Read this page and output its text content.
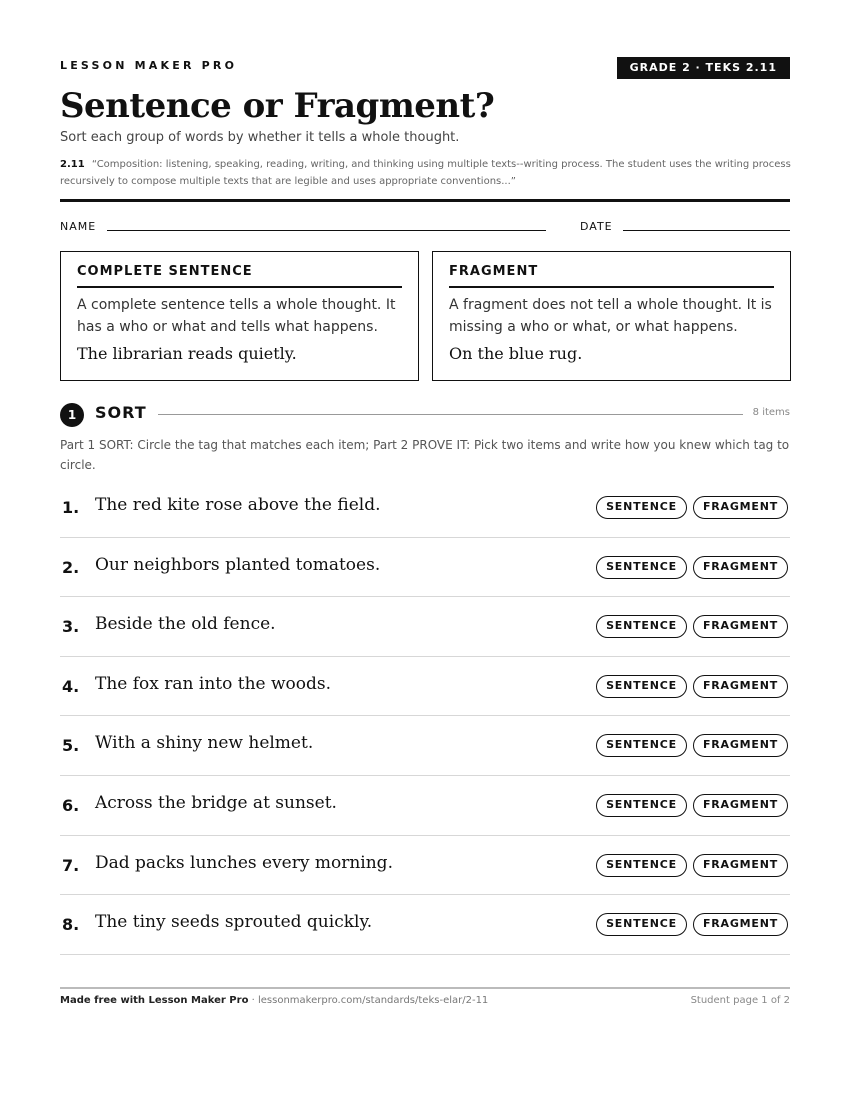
LESSON MAKER PRO	GRADE 2 · TEKS 2.11
Sentence or Fragment?
Sort each group of words by whether it tells a whole thought.
2.11 “Composition: listening, speaking, reading, writing, and thinking using multiple texts--writing process. The student uses the writing process recursively to compose multiple texts that are legible and uses appropriate conventions...”
NAME	DATE
COMPLETE SENTENCE
A complete sentence tells a whole thought. It has a who or what and tells what happens.
The librarian reads quietly.
FRAGMENT
A fragment does not tell a whole thought. It is missing a who or what, or what happens.
On the blue rug.
1	SORT	8 items
Part 1 SORT: Circle the tag that matches each item; Part 2 PROVE IT: Pick two items and write how you knew which tag to circle.
1. The red kite rose above the field.	SENTENCE	FRAGMENT
2. Our neighbors planted tomatoes.	SENTENCE	FRAGMENT
3. Beside the old fence.	SENTENCE	FRAGMENT
4. The fox ran into the woods.	SENTENCE	FRAGMENT
5. With a shiny new helmet.	SENTENCE	FRAGMENT
6. Across the bridge at sunset.	SENTENCE	FRAGMENT
7. Dad packs lunches every morning.	SENTENCE	FRAGMENT
8. The tiny seeds sprouted quickly.	SENTENCE	FRAGMENT
Made free with Lesson Maker Pro · lessonmakerpro.com/standards/teks-elar/2-11	Student page 1 of 2
